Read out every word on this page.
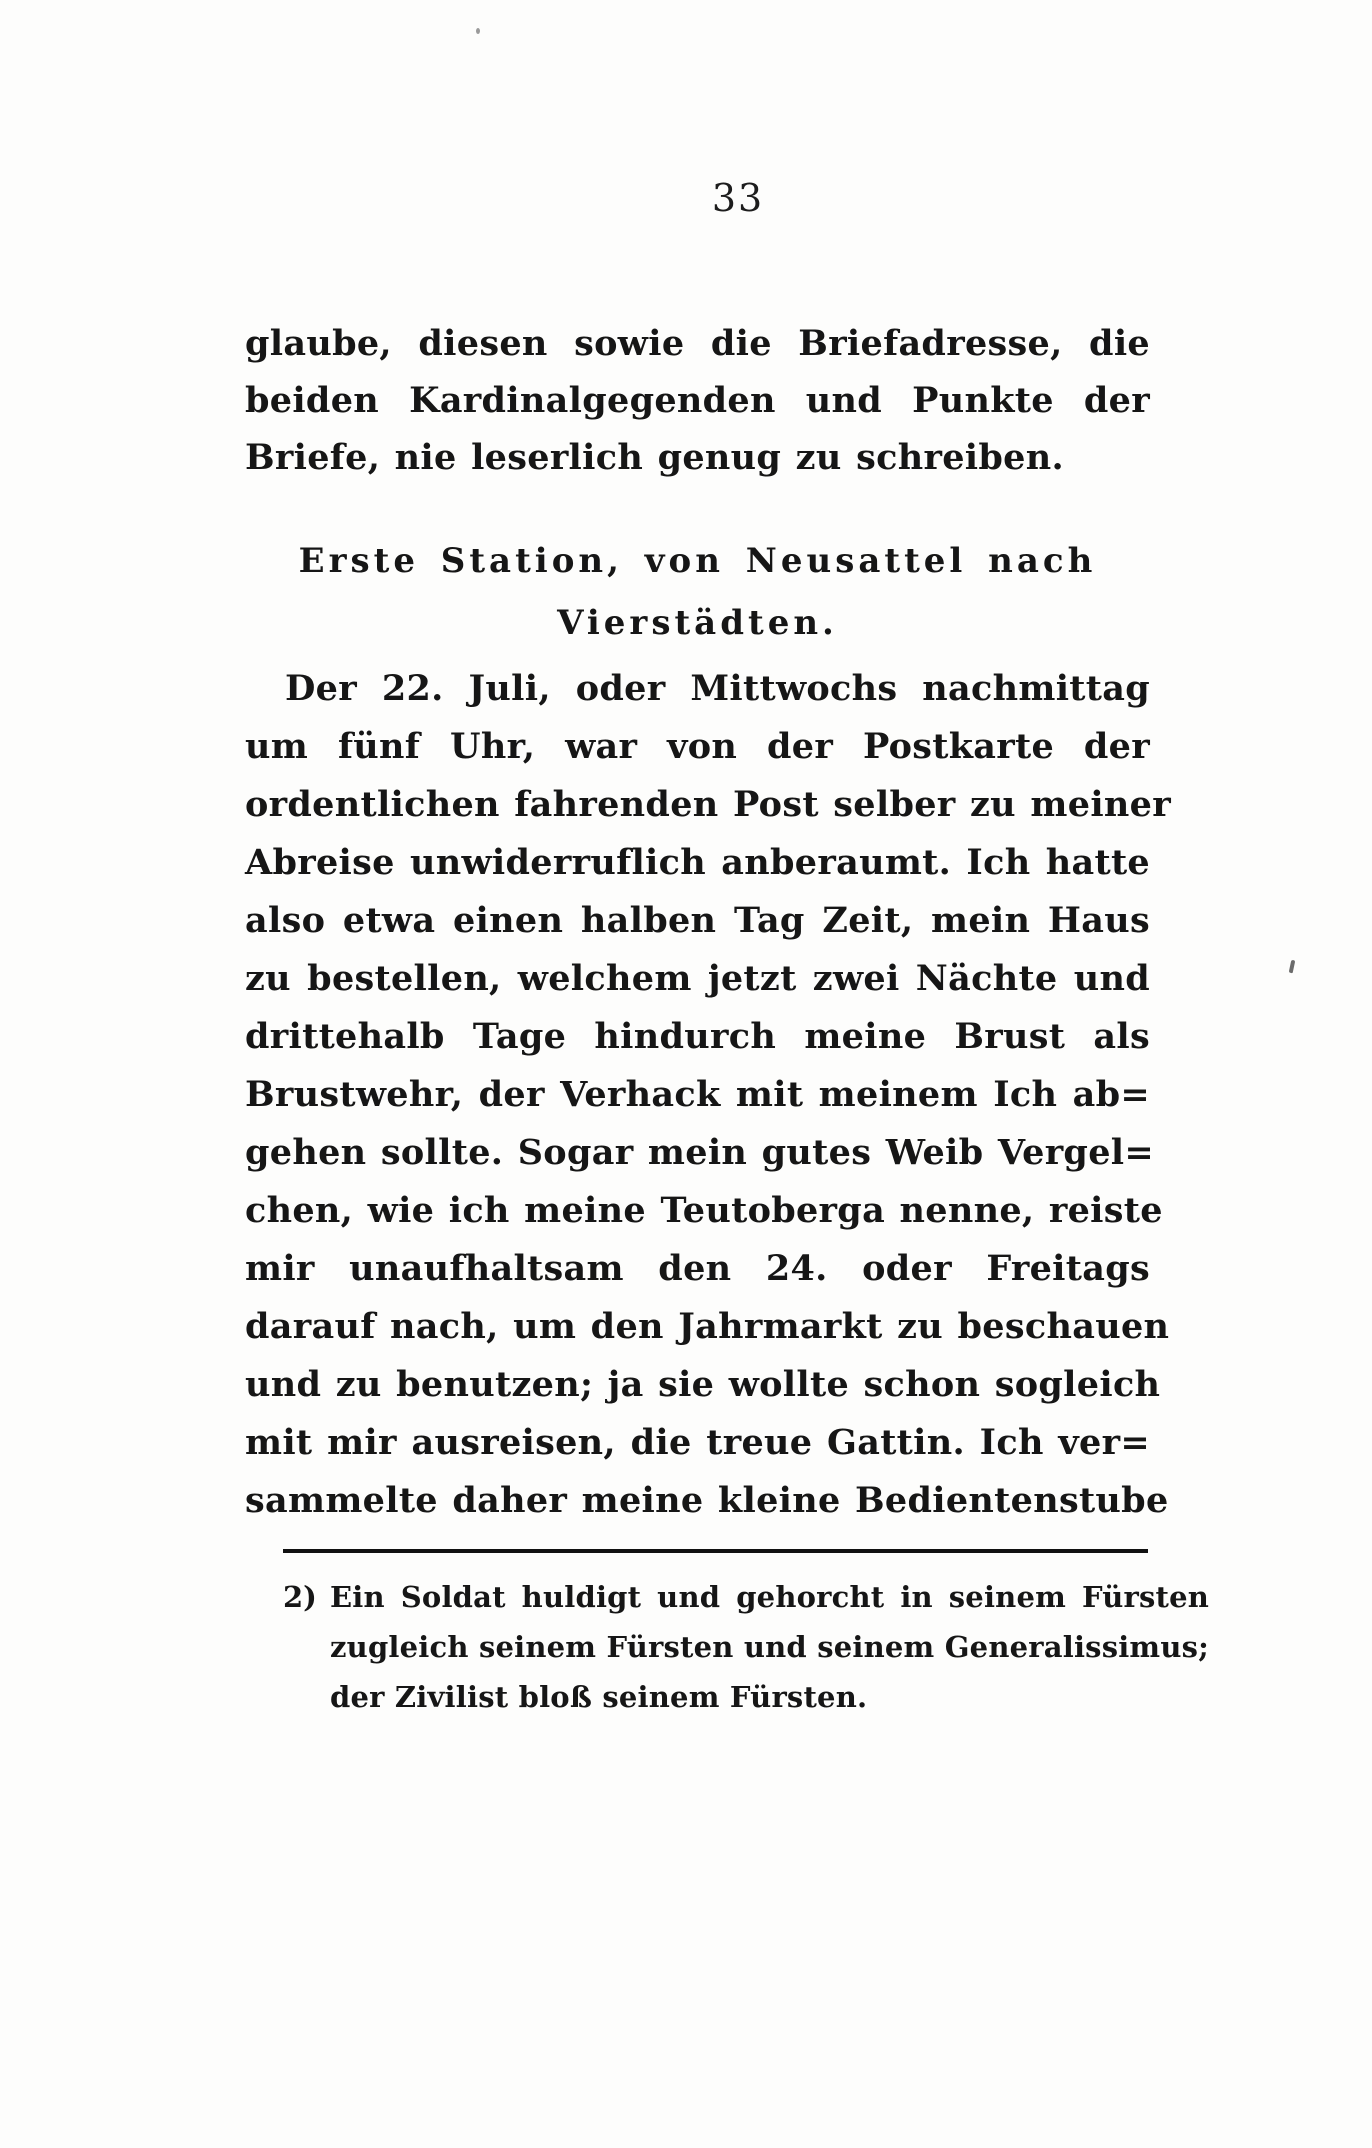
33
glaube, diesen sowie die Briefadresse, die
beiden Kardinalgegenden und Punkte der
Briefe, nie leserlich genug zu schreiben.
Erste Station, von Neusattel nach
Vierstädten.
Der 22. Juli, oder Mittwochs nachmittag
um fünf Uhr, war von der Postkarte der
ordentlichen fahrenden Post selber zu meiner
Abreise unwiderruflich anberaumt. Ich hatte
also etwa einen halben Tag Zeit, mein Haus
zu bestellen, welchem jetzt zwei Nächte und
drittehalb Tage hindurch meine Brust als
Brustwehr, der Verhack mit meinem Ich ab=
gehen sollte. Sogar mein gutes Weib Vergel=
chen, wie ich meine Teutoberga nenne, reiste
mir unaufhaltsam den 24. oder Freitags
darauf nach, um den Jahrmarkt zu beschauen
und zu benutzen; ja sie wollte schon sogleich
mit mir ausreisen, die treue Gattin. Ich ver=
sammelte daher meine kleine Bedientenstube
2) Ein Soldat huldigt und gehorcht in seinem Fürsten
zugleich seinem Fürsten und seinem Generalissimus;
der Zivilist bloß seinem Fürsten.
